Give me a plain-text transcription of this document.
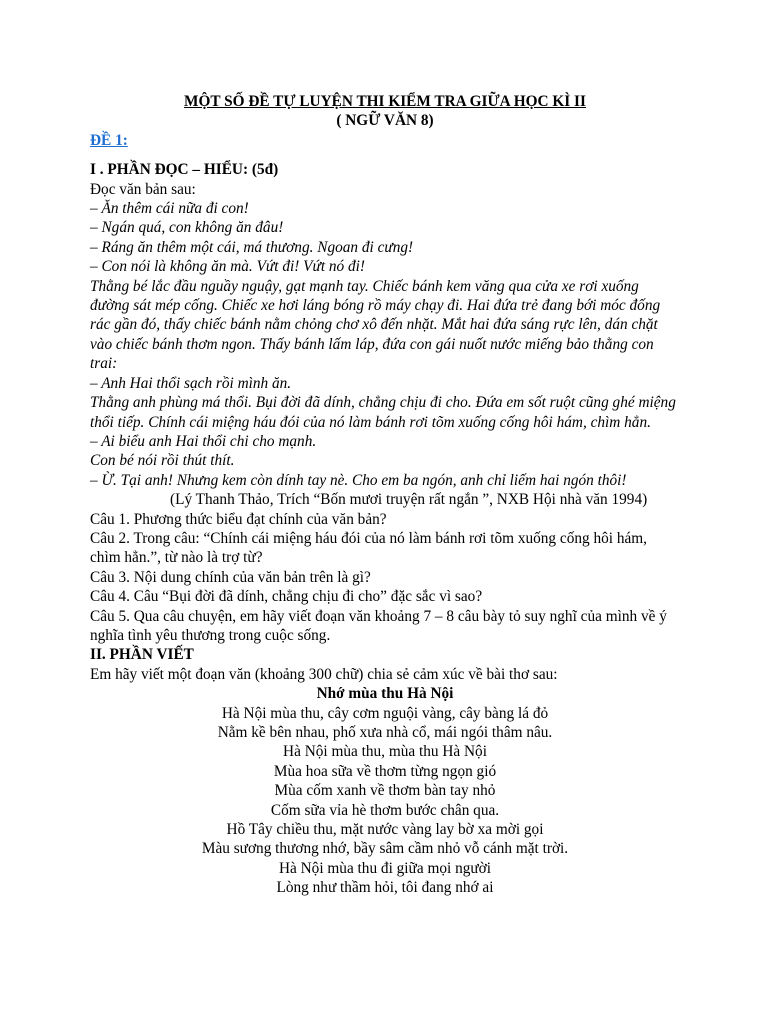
MỘT SỐ ĐỀ TỰ LUYỆN THI KIỂM TRA GIỮA HỌC KÌ II
( NGỮ VĂN 8)
ĐỀ 1:
I . PHẦN ĐỌC – HIỂU: (5đ)

Đọc văn bản sau:

– Ăn thêm cái nữa đi con!

– Ngán quá, con không ăn đâu!

– Ráng ăn thêm một cái, má thương. Ngoan đi cưng!

– Con nói là không ăn mà. Vứt đi! Vứt nó đi!

Thằng bé lắc đầu nguầy nguậy, gạt mạnh tay. Chiếc bánh kem văng qua cửa xe rơi xuống đường sát mép cống. Chiếc xe hơi láng bóng rồ máy chạy đi. Hai đứa trẻ đang bới móc đống rác gần đó, thấy chiếc bánh nằm chỏng chơ xô đến nhặt. Mắt hai đứa sáng rực lên, dán chặt vào chiếc bánh thơm ngon. Thấy bánh lấm láp, đứa con gái nuốt nước miếng bảo thằng con trai:

– Anh Hai thổi sạch rồi mình ăn.

Thằng anh phùng má thổi. Bụi đời đã dính, chẳng chịu đi cho. Đứa em sốt ruột cũng ghé miệng thổi tiếp. Chính cái miệng háu đói của nó làm bánh rơi tõm xuống cống hôi hám, chìm hẳn.

– Ai biểu anh Hai thổi chi cho mạnh.

Con bé nói rồi thút thít.

– Ừ. Tại anh! Nhưng kem còn dính tay nè. Cho em ba ngón, anh chỉ liếm hai ngón thôi!

(Lý Thanh Thảo, Trích “Bốn mươi truyện rất ngắn ”, NXB Hội nhà văn 1994)

Câu 1. Phương thức biểu đạt chính của văn bản?

Câu 2. Trong câu: “Chính cái miệng háu đói của nó làm bánh rơi tõm xuống cống hôi hám, chìm hẳn.”, từ nào là trợ từ?

Câu 3. Nội dung chính của văn bản trên là gì?

Câu 4. Câu “Bụi đời đã dính, chẳng chịu đi cho” đặc sắc vì sao?

Câu 5. Qua câu chuyện, em hãy viết đoạn văn khoảng 7 – 8 câu bày tỏ suy nghĩ của mình về ý nghĩa tình yêu thương trong cuộc sống.

II. PHẦN VIẾT

Em hãy viết một đoạn văn (khoảng 300 chữ) chia sẻ cảm xúc về bài thơ sau:

Nhớ mùa thu Hà Nội
Hà Nội mùa thu, cây cơm nguội vàng, cây bàng lá đỏ
Nằm kề bên nhau, phố xưa nhà cổ, mái ngói thâm nâu.
Hà Nội mùa thu, mùa thu Hà Nội
Mùa hoa sữa về thơm từng ngọn gió
Mùa cốm xanh về thơm bàn tay nhỏ
Cốm sữa vỉa hè thơm bước chân qua.
Hồ Tây chiều thu, mặt nước vàng lay bờ xa mời gọi
Màu sương thương nhớ, bầy sâm cầm nhỏ vỗ cánh mặt trời.
Hà Nội mùa thu đi giữa mọi người
Lòng như thầm hỏi, tôi đang nhớ ai
